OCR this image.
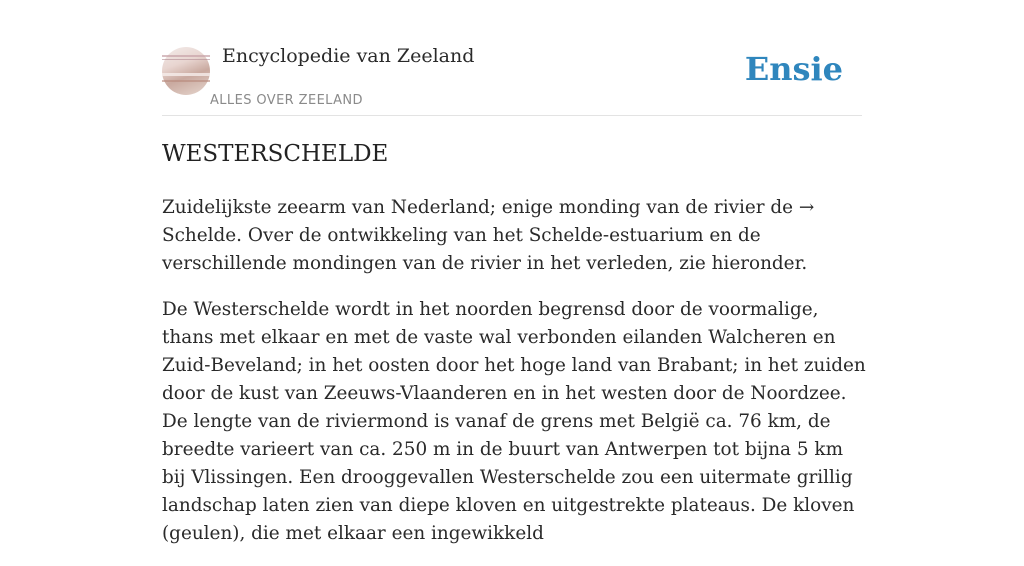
Encyclopedie van Zeeland
ALLES OVER ZEELAND
Ensie
WESTERSCHELDE

Zuidelijkste zeearm van Nederland; enige monding van de rivier de → Schelde. Over de ontwikkeling van het Schelde-estuarium en de verschillende mondingen van de rivier in het verleden, zie hieronder.

De Westerschelde wordt in het noorden begrensd door de voormalige, thans met elkaar en met de vaste wal verbonden eilanden Walcheren en Zuid-Beveland; in het oosten door het hoge land van Brabant; in het zuiden door de kust van Zeeuws-Vlaanderen en in het westen door de Noordzee. De lengte van de riviermond is vanaf de grens met België ca. 76 km, de breedte varieert van ca. 250 m in de buurt van Antwerpen tot bijna 5 km bij Vlissingen. Een drooggevallen Westerschelde zou een uitermate grillig landschap laten zien van diepe kloven en uitgestrekte plateaus. De kloven (geulen), die met elkaar een ingewikkeld
